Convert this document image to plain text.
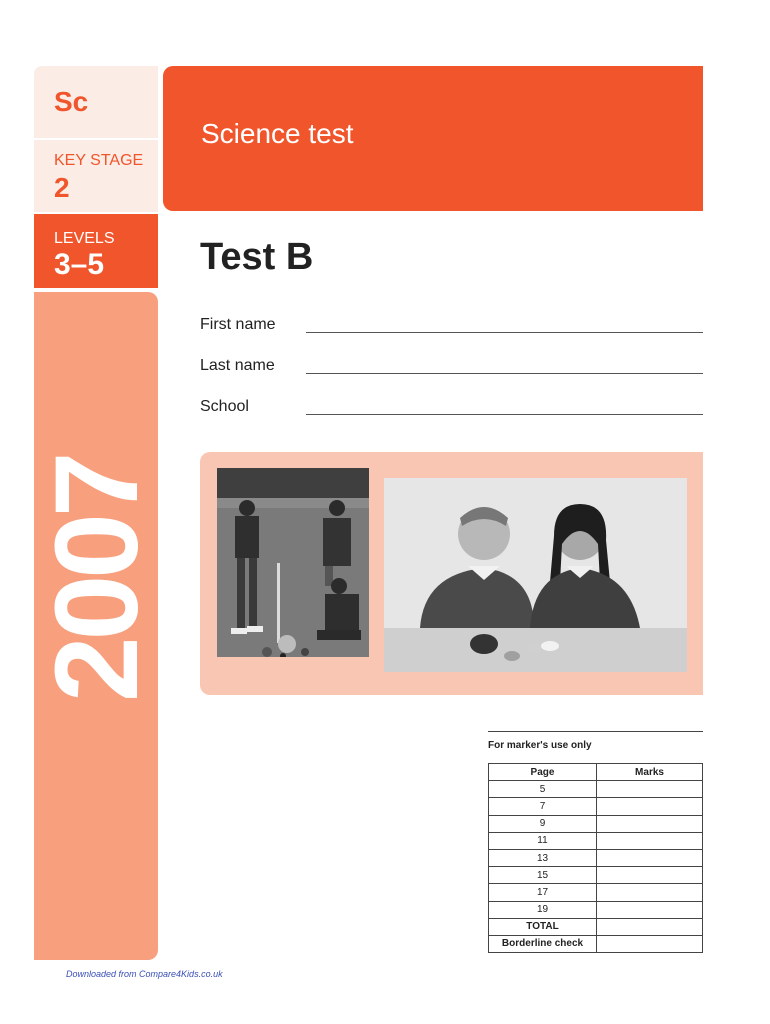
Sc
KEY STAGE
2
LEVELS
3–5
2007
Science test
Test B
First name
Last name
School
For marker's use only
Page	Marks
5	
7	
9	
11	
13	
15	
17	
19	
TOTAL	
Borderline check	
Downloaded from Compare4Kids.co.uk
